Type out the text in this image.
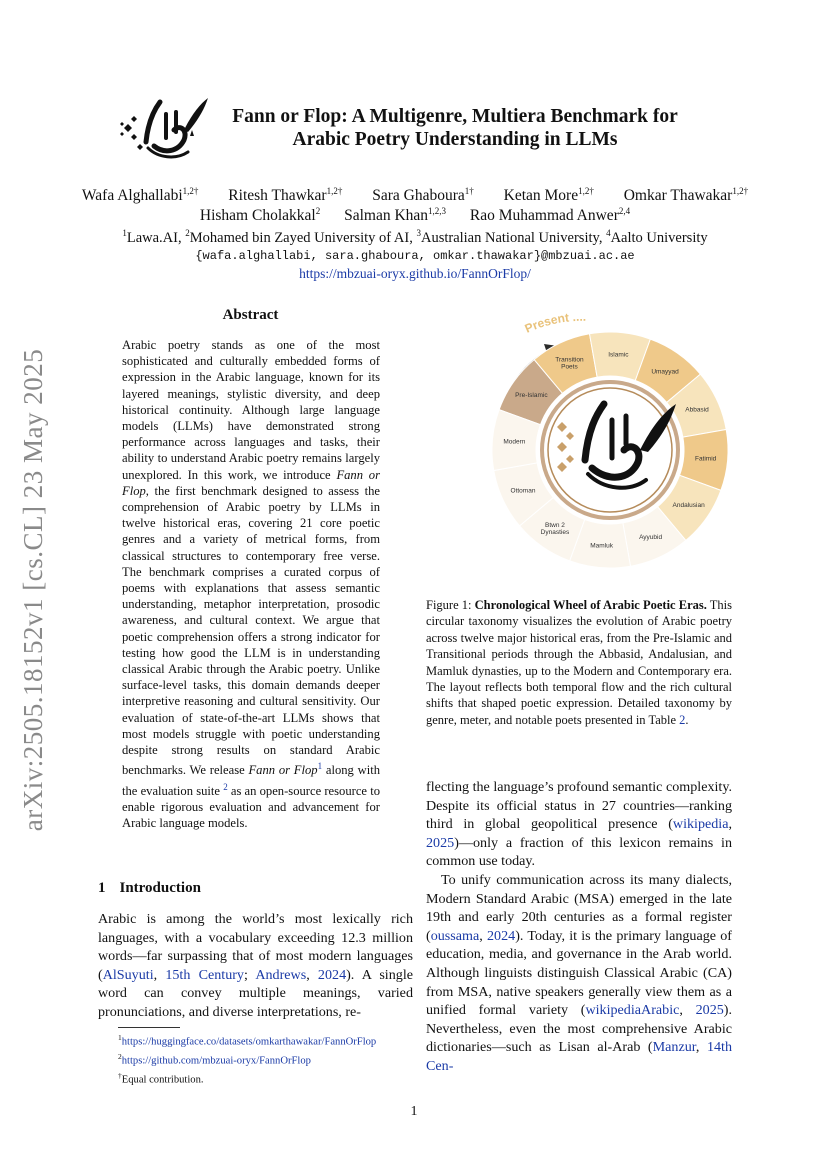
arXiv:2505.18152v1 [cs.CL] 23 May 2025
Fann or Flop: A Multigenre, Multiera Benchmark for
Arabic Poetry Understanding in LLMs
Wafa Alghallabi$^{1,2\dagger}$ Ritesh Thawkar$^{1,2\dagger}$ Sara Ghaboura$^{1\dagger}$ Ketan More$^{1,2\dagger}$ Omkar Thawakar$^{1,2\dagger}$
Hisham Cholakkal$^2$ Salman Khan$^{1,2,3}$ Rao Muhammad Anwer$^{2,4}$
$^1$Lawa.AI, $^2$Mohamed bin Zayed University of AI, $^3$Australian National University, $^4$Aalto University
{wafa.alghallabi, sara.ghaboura, omkar.thawakar}@mbzuai.ac.ae
https://mbzuai-oryx.github.io/FannOrFlop/
Abstract
Arabic poetry stands as one of the most sophisticated and culturally embedded forms of expression in the Arabic language, known for its layered meanings, stylistic diversity, and deep historical continuity. Although large language models (LLMs) have demonstrated strong performance across languages and tasks, their ability to understand Arabic poetry remains largely unexplored. In this work, we introduce Fann or Flop, the first benchmark designed to assess the comprehension of Arabic poetry by LLMs in twelve historical eras, covering 21 core poetic genres and a variety of metrical forms, from classical structures to contemporary free verse. The benchmark comprises a curated corpus of poems with explanations that assess semantic understanding, metaphor interpretation, prosodic awareness, and cultural context. We argue that poetic comprehension offers a strong indicator for testing how good the LLM is in understanding classical Arabic through the Arabic poetry. Unlike surface-level tasks, this domain demands deeper interpretive reasoning and cultural sensitivity. Our evaluation of state-of-the-art LLMs shows that most models struggle with poetic understanding despite strong results on standard Arabic benchmarks. We release Fann or Flop$^1$ along with the evaluation suite $^2$ as an open-source resource to enable rigorous evaluation and advancement for Arabic language models.
1 Introduction
Arabic is among the world’s most lexically rich languages, with a vocabulary exceeding 12.3 million words—far surpassing that of most modern languages (AlSuyuti, 15th Century; Andrews, 2024). A single word can convey multiple meanings, varied pronunciations, and diverse interpretations, re-
$^1$https://huggingface.co/datasets/omkarthawakar/FannOrFlop
$^2$https://github.com/mbzuai-oryx/FannOrFlop
†Equal contribution.
Present ....
Pre-Islamic
Transition Poets
Islamic
Umayyad
Abbasid
Fatimid
Andalusian
Ayyubid
Mamluk
Btwn 2 Dynasties
Ottoman
Modern
Figure 1: Chronological Wheel of Arabic Poetic Eras. This circular taxonomy visualizes the evolution of Arabic poetry across twelve major historical eras, from the Pre-Islamic and Transitional periods through the Abbasid, Andalusian, and Mamluk dynasties, up to the Modern and Contemporary era. The layout reflects both temporal flow and the rich cultural shifts that shaped poetic expression. Detailed taxonomy by genre, meter, and notable poets presented in Table 2.

flecting the language’s profound semantic complexity. Despite its official status in 27 countries—ranking third in global geopolitical presence (wikipedia, 2025)—only a fraction of this lexicon remains in common use today.

To unify communication across its many dialects, Modern Standard Arabic (MSA) emerged in the late 19th and early 20th centuries as a formal register (oussama, 2024). Today, it is the primary language of education, media, and governance in the Arab world. Although linguists distinguish Classical Arabic (CA) from MSA, native speakers generally view them as a unified formal variety (wikipediaArabic, 2025). Nevertheless, even the most comprehensive Arabic dictionaries—such as Lisan al-Arab (Manzur, 14th Cen-

1
